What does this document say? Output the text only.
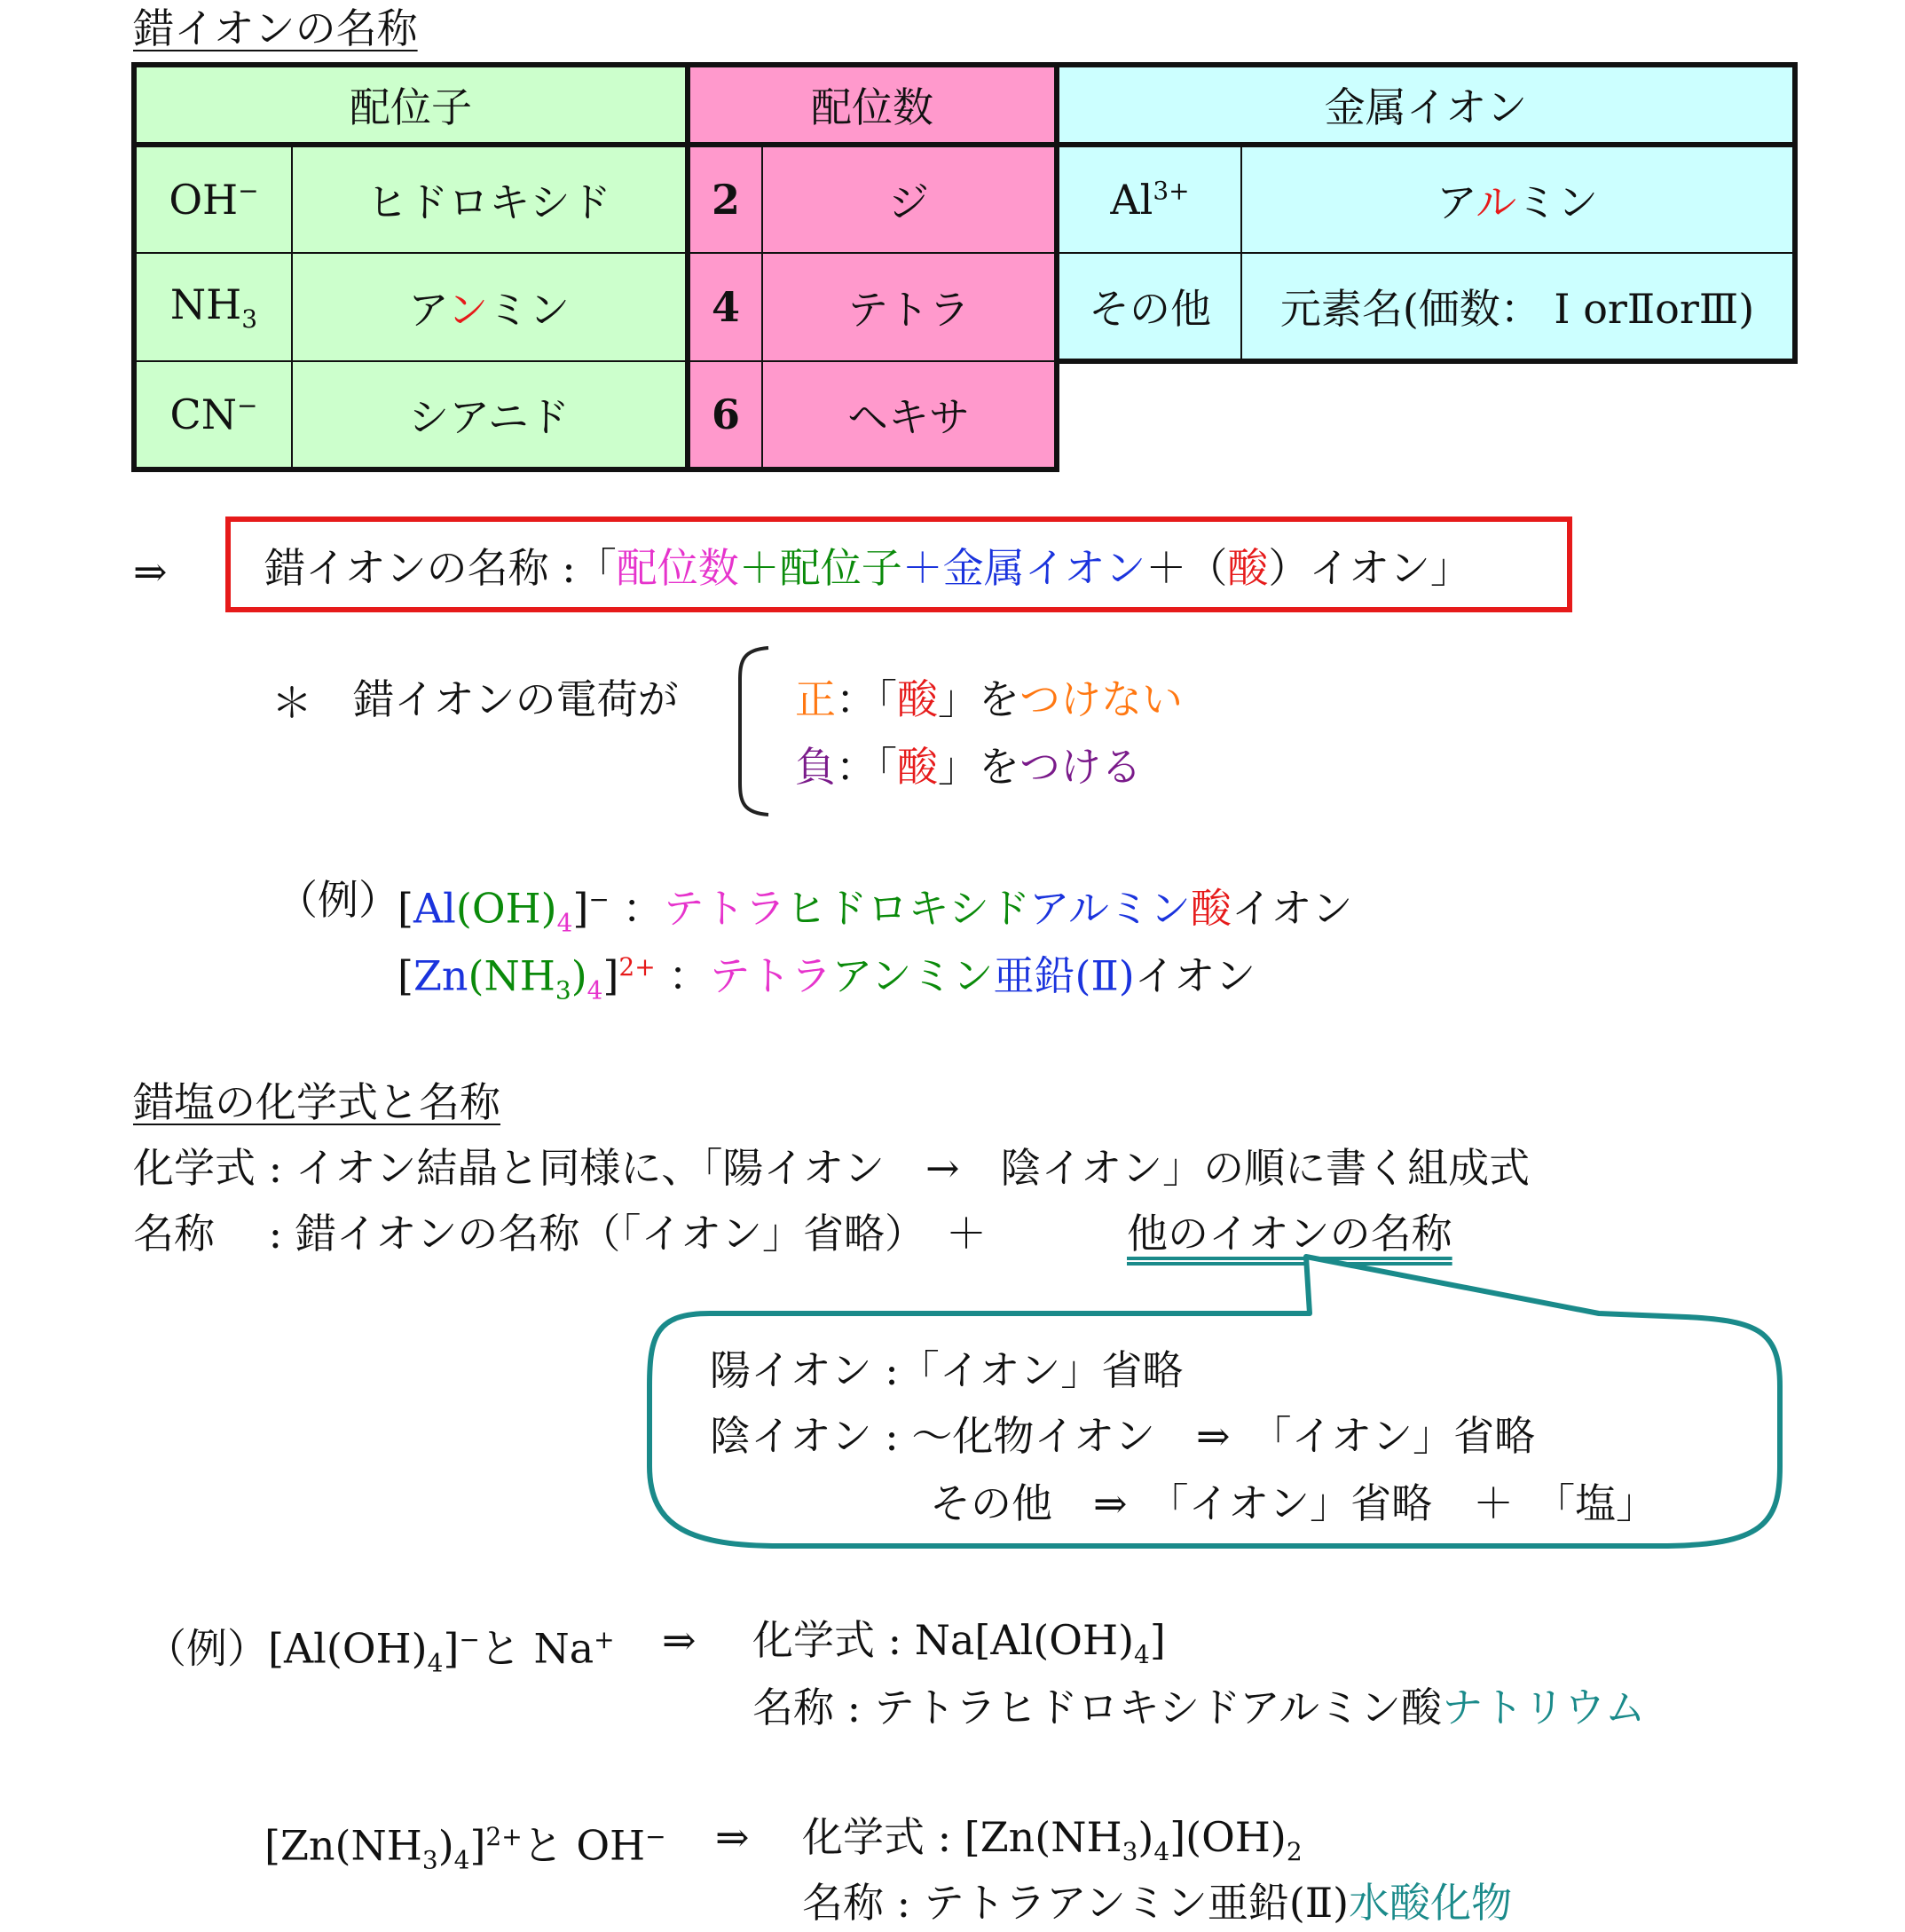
錯イオンの名称
配位子		配位数		金属イオン	
OH−	ヒドロキシド	2	ジ	$Al^{3+}$	アルミン
$NH_3$	アンミン	4	テトラ	その他	元素名(価数： Ⅰ orⅡorⅢ)
CN−	シアニド	6	ヘキサ		
⇒ 錯イオンの名称 :「配位数＋配位子＋金属イオン＋（酸）イオン」
＊ 錯イオンの電荷が	正：「酸」をつけない
負：「酸」をつける
（例）
$[Al(OH)_4]^-$ ：テトラヒドロキシドアルミン酸イオン
$[Zn(NH_3)_4]^{2+}$ ：テトラアンミン亜鉛(Ⅱ)イオン
錯塩の化学式と名称
化学式 : イオン結晶と同様に、「陽イオン　→　陰イオン」の順に書く組成式
名称　 : 錯イオンの名称（「イオン」省略）　＋	他のイオンの名称
陽イオン :「イオン」省略
陰イオン : ～化物イオン　⇒　「イオン」省略
その他　⇒　「イオン」省略　＋　「塩」
（例）$[Al(OH)_4]^-$と Na+ ⇒ 化学式 : $Na[Al(OH)_4]$
名称 : テトラヒドロキシドアルミン酸ナトリウム
$[Zn(NH_3)_4]^{2+}$と OH− ⇒ 化学式 : $[Zn(NH_3)_4](OH)_2$
名称 : テトラアンミン亜鉛(Ⅱ)水酸化物
